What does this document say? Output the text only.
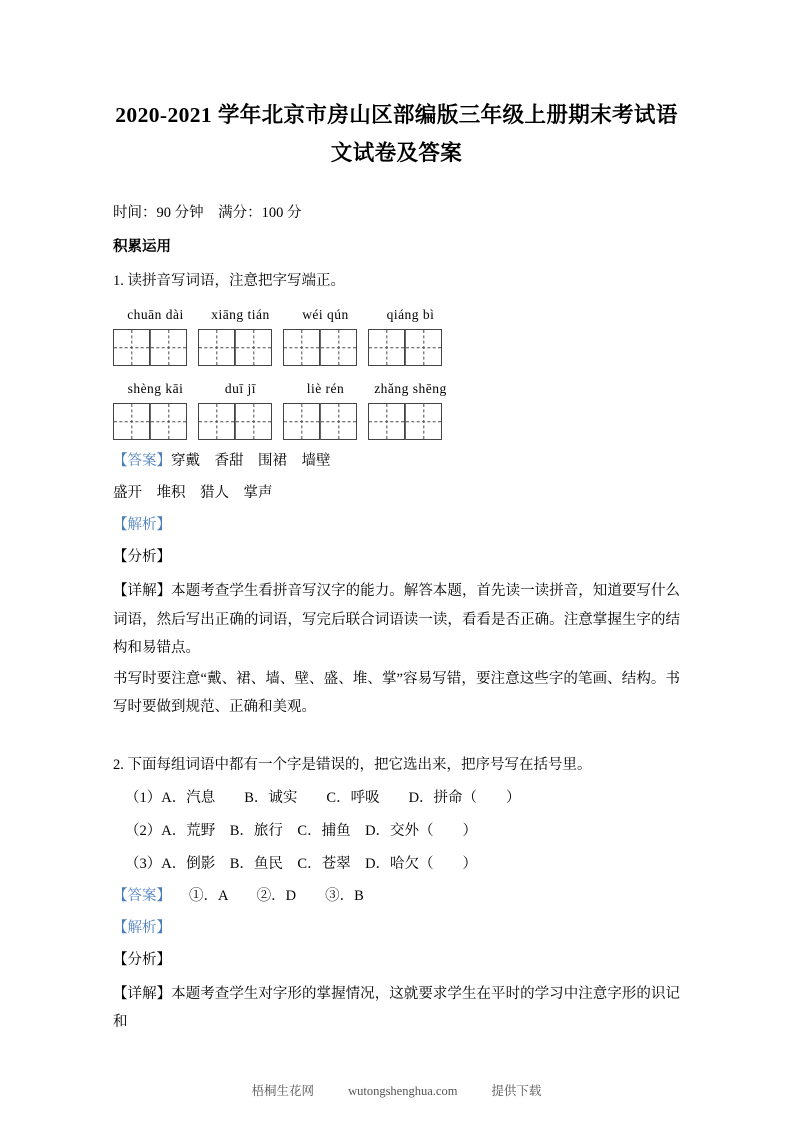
2020-2021 学年北京市房山区部编版三年级上册期末考试语文试卷及答案

时间：90 分钟　满分：100 分

积累运用

1. 读拼音写词语，注意把字写端正。

chuān dài	xiāng tián	wéi qún	qiáng bì
shèng kāi	duī jī	liè rén	zhǎng shēng

【答案】穿戴　香甜　围裙　墙壁

盛开　堆积　猎人　掌声

【解析】

【分析】

【详解】本题考查学生看拼音写汉字的能力。解答本题，首先读一读拼音，知道要写什么词语，然后写出正确的词语，写完后联合词语读一读，看看是否正确。注意掌握生字的结构和易错点。

书写时要注意“戴、裙、墙、壁、盛、堆、掌”容易写错，要注意这些字的笔画、结构。书写时要做到规范、正确和美观。

2. 下面每组词语中都有一个字是错误的，把它选出来，把序号写在括号里。

（1）A．汽息　　B．诚实　　C．呼吸　　D．拼命（　　）

（2）A．荒野　B．旅行　C．捕鱼　D．交外（　　）

（3）A．倒影　B．鱼民　C．苍翠　D．哈欠（　　）

【答案】 ①．A　　②．D　　③．B

【解析】

【分析】

【详解】本题考查学生对字形的掌握情况，这就要求学生在平时的学习中注意字形的识记和

梧桐生花网	wutongshenghua.com	提供下载
